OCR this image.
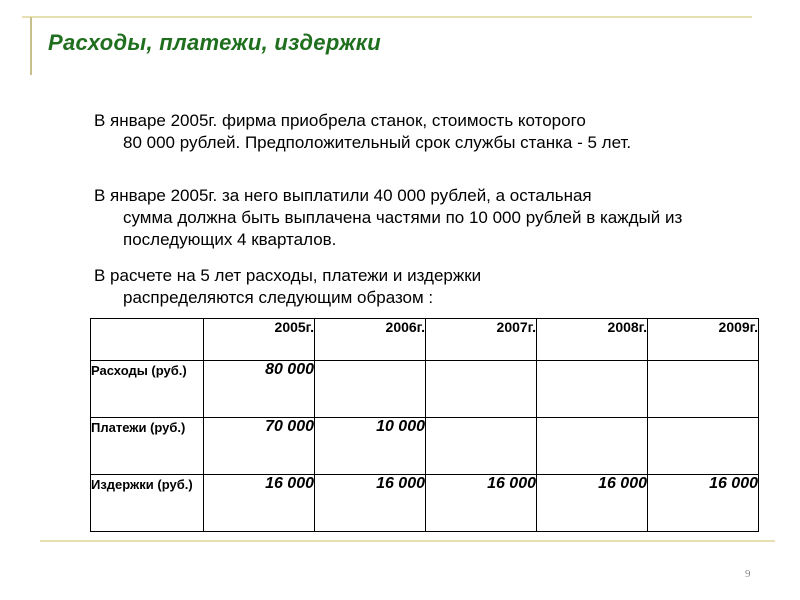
Расходы, платежи, издержки
В январе 2005г. фирма приобрела станок, стоимость которого
80 000 рублей. Предположительный срок службы станка - 5 лет.
В январе 2005г. за него выплатили 40 000 рублей, а остальная
сумма должна быть выплачена частями по 10 000 рублей в каждый из последующих 4 кварталов.
В расчете на 5 лет расходы, платежи и издержки
распределяются следующим образом :
	2005г.	2006г.	2007г.	2008г.	2009г.
Расходы (руб.)	80 000				
Платежи (руб.)	70 000	10 000			
Издержки (руб.)	16 000	16 000	16 000	16 000	16 000
9
